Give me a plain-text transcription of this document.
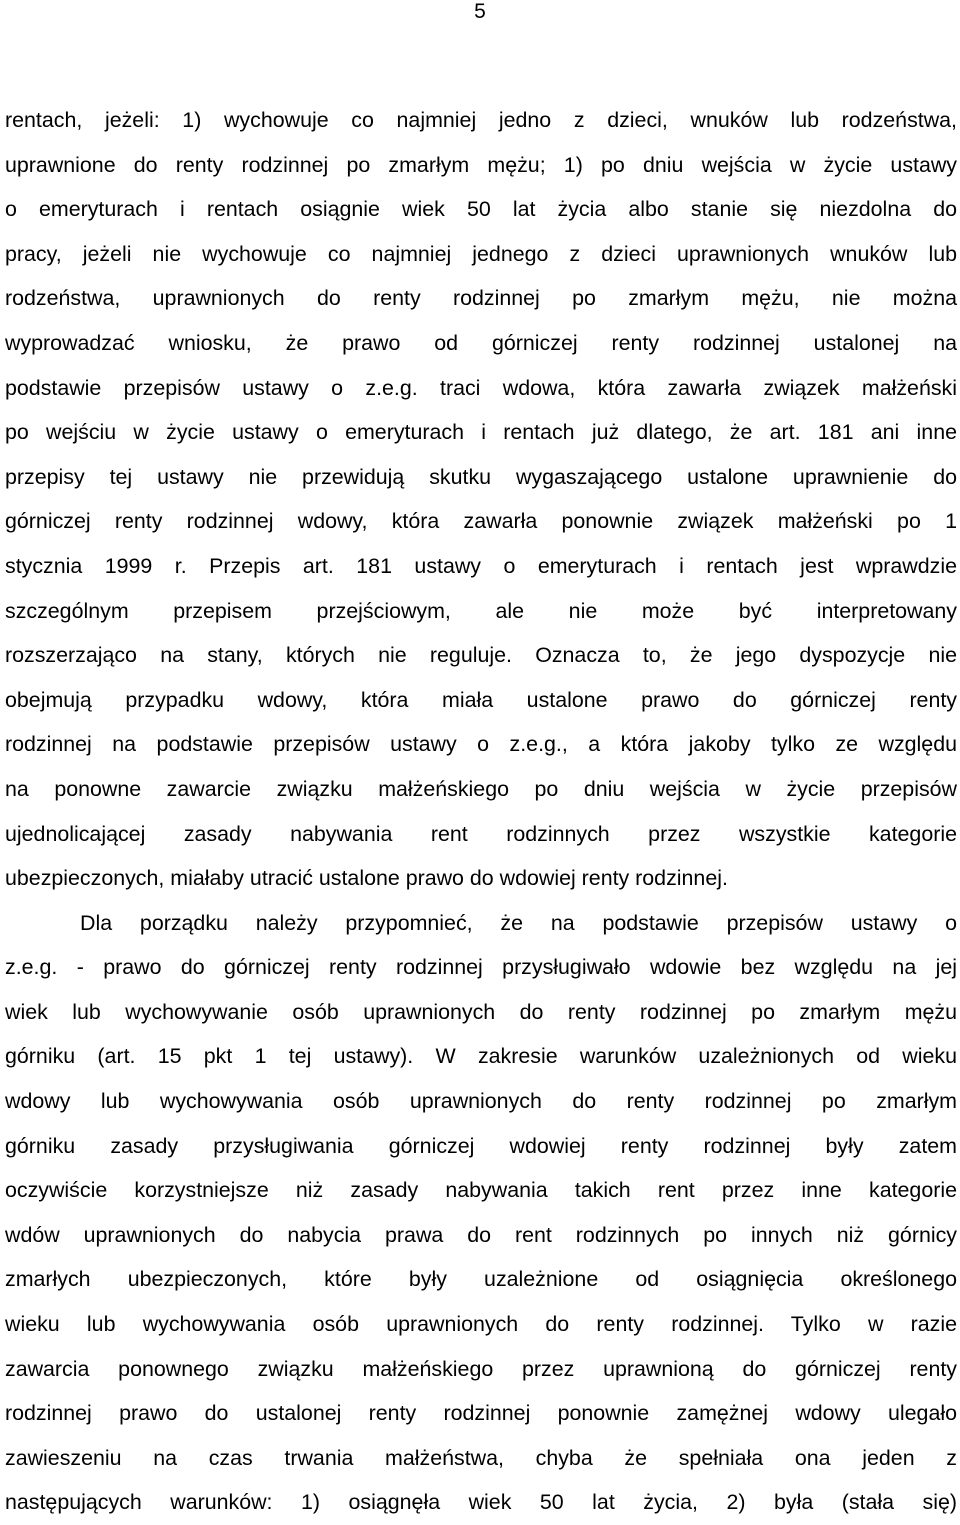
5
rentach, jeżeli: 1) wychowuje co najmniej jedno z dzieci, wnuków lub rodzeństwa,
uprawnione do renty rodzinnej po zmarłym mężu; 1) po dniu wejścia w życie ustawy
o emeryturach i rentach osiągnie wiek 50 lat życia albo stanie się niezdolna do
pracy, jeżeli nie wychowuje co najmniej jednego z dzieci uprawnionych wnuków lub
rodzeństwa, uprawnionych do renty rodzinnej po zmarłym mężu, nie można
wyprowadzać wniosku, że prawo od górniczej renty rodzinnej ustalonej na
podstawie przepisów ustawy o z.e.g. traci wdowa, która zawarła związek małżeński
po wejściu w życie ustawy o emeryturach i rentach już dlatego, że art. 181 ani inne
przepisy tej ustawy nie przewidują skutku wygaszającego ustalone uprawnienie do
górniczej renty rodzinnej wdowy, która zawarła ponownie związek małżeński po 1
stycznia 1999 r. Przepis art. 181 ustawy o emeryturach i rentach jest wprawdzie
szczególnym przepisem przejściowym, ale nie może być interpretowany
rozszerzająco na stany, których nie reguluje. Oznacza to, że jego dyspozycje nie
obejmują przypadku wdowy, która miała ustalone prawo do górniczej renty
rodzinnej na podstawie przepisów ustawy o z.e.g., a która jakoby tylko ze względu
na ponowne zawarcie związku małżeńskiego po dniu wejścia w życie przepisów
ujednolicającej zasady nabywania rent rodzinnych przez wszystkie kategorie
ubezpieczonych, miałaby utracić ustalone prawo do wdowiej renty rodzinnej.
Dla porządku należy przypomnieć, że na podstawie przepisów ustawy o
z.e.g. - prawo do górniczej renty rodzinnej przysługiwało wdowie bez względu na jej
wiek lub wychowywanie osób uprawnionych do renty rodzinnej po zmarłym mężu
górniku (art. 15 pkt 1 tej ustawy). W zakresie warunków uzależnionych od wieku
wdowy lub wychowywania osób uprawnionych do renty rodzinnej po zmarłym
górniku zasady przysługiwania górniczej wdowiej renty rodzinnej były zatem
oczywiście korzystniejsze niż zasady nabywania takich rent przez inne kategorie
wdów uprawnionych do nabycia prawa do rent rodzinnych po innych niż górnicy
zmarłych ubezpieczonych, które były uzależnione od osiągnięcia określonego
wieku lub wychowywania osób uprawnionych do renty rodzinnej. Tylko w razie
zawarcia ponownego związku małżeńskiego przez uprawnioną do górniczej renty
rodzinnej prawo do ustalonej renty rodzinnej ponownie zamężnej wdowy ulegało
zawieszeniu na czas trwania małżeństwa, chyba że spełniała ona jeden z
następujących warunków: 1) osiągnęła wiek 50 lat życia, 2) była (stała się)
